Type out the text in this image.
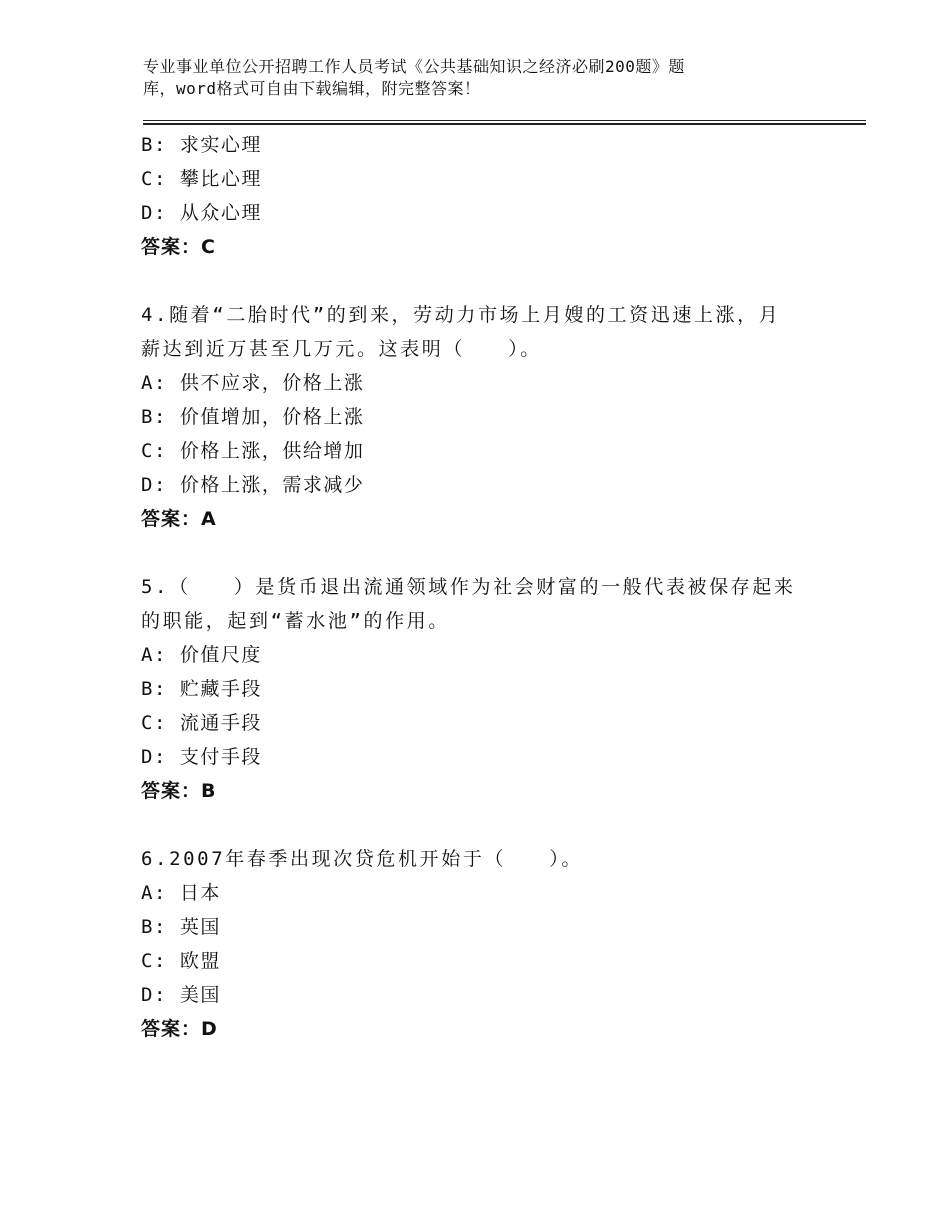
专业事业单位公开招聘工作人员考试《公共基础知识之经济必刷200题》题
库，word格式可自由下载编辑，附完整答案！
B: 求实心理
C: 攀比心理
D: 从众心理
答案：C
4.随着“二胎时代”的到来，劳动力市场上月嫂的工资迅速上涨，月
薪达到近万甚至几万元。这表明（　　）。
A: 供不应求，价格上涨
B: 价值增加，价格上涨
C: 价格上涨，供给增加
D: 价格上涨，需求减少
答案：A
5.（　　）是货币退出流通领域作为社会财富的一般代表被保存起来
的职能，起到“蓄水池”的作用。
A: 价值尺度
B: 贮藏手段
C: 流通手段
D: 支付手段
答案：B
6.2007年春季出现次贷危机开始于（　　）。
A: 日本
B: 英国
C: 欧盟
D: 美国
答案：D
